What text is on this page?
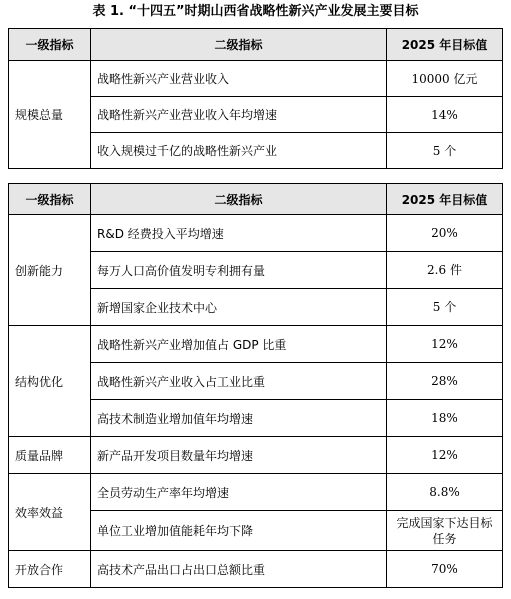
表 1. “十四五”时期山西省战略性新兴产业发展主要目标
一级指标	二级指标	2025 年目标值
规模总量	战略性新兴产业营业收入	10000 亿元
	战略性新兴产业营业收入年均增速	14%
	收入规模过千亿的战略性新兴产业	5 个
一级指标	二级指标	2025 年目标值
创新能力	R&D 经费投入平均增速	20%
	每万人口高价值发明专利拥有量	2.6 件
	新增国家企业技术中心	5 个
结构优化	战略性新兴产业增加值占 GDP 比重	12%
	战略性新兴产业收入占工业比重	28%
	高技术制造业增加值年均增速	18%
质量品牌	新产品开发项目数量年均增速	12%
效率效益	全员劳动生产率年均增速	8.8%
	单位工业增加值能耗年均下降	完成国家下达目标任务
开放合作	高技术产品出口占出口总额比重	70%
